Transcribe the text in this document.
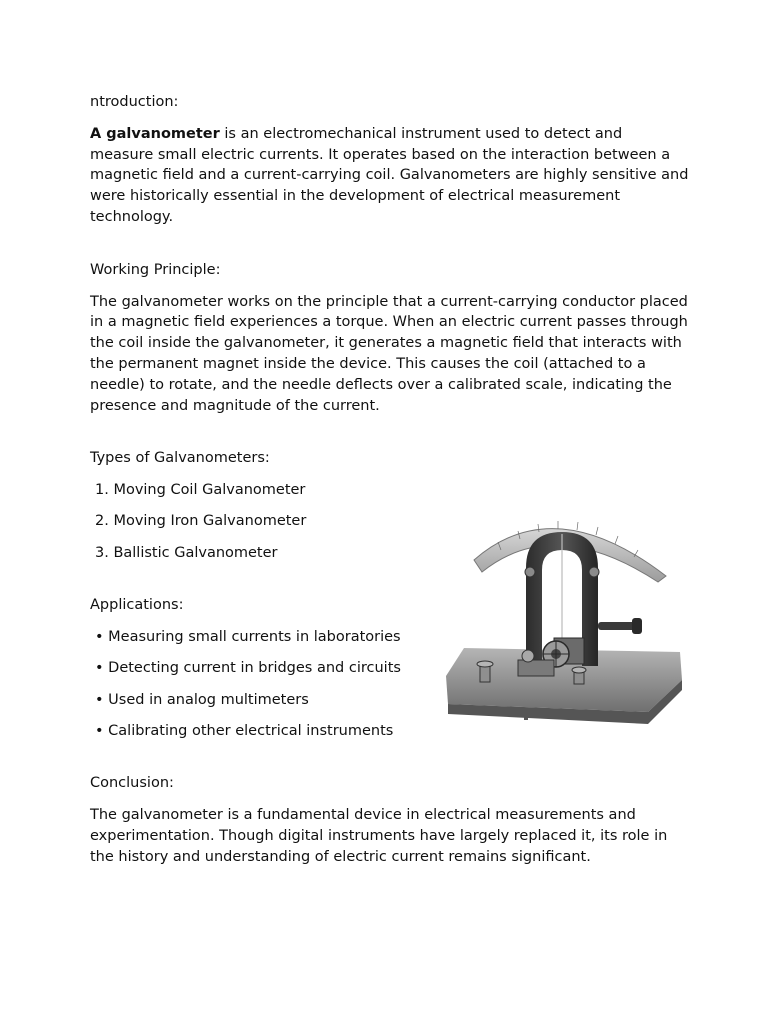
ntroduction:

A galvanometer is an electromechanical instrument used to detect and measure small electric currents. It operates based on the interaction between a magnetic field and a current-carrying coil. Galvanometers are highly sensitive and were historically essential in the development of electrical measurement technology.

Working Principle:

The galvanometer works on the principle that a current-carrying conductor placed in a magnetic field experiences a torque. When an electric current passes through the coil inside the galvanometer, it generates a magnetic field that interacts with the permanent magnet inside the device. This causes the coil (attached to a needle) to rotate, and the needle deflects over a calibrated scale, indicating the presence and magnitude of the current.

Types of Galvanometers:

1. Moving Coil Galvanometer
2. Moving Iron Galvanometer
3. Ballistic Galvanometer

Applications:

• Measuring small currents in laboratories
• Detecting current in bridges and circuits
• Used in analog multimeters
• Calibrating other electrical instruments

Conclusion:

The galvanometer is a fundamental device in electrical measurements and experimentation. Though digital instruments have largely replaced it, its role in the history and understanding of electric current remains significant.
